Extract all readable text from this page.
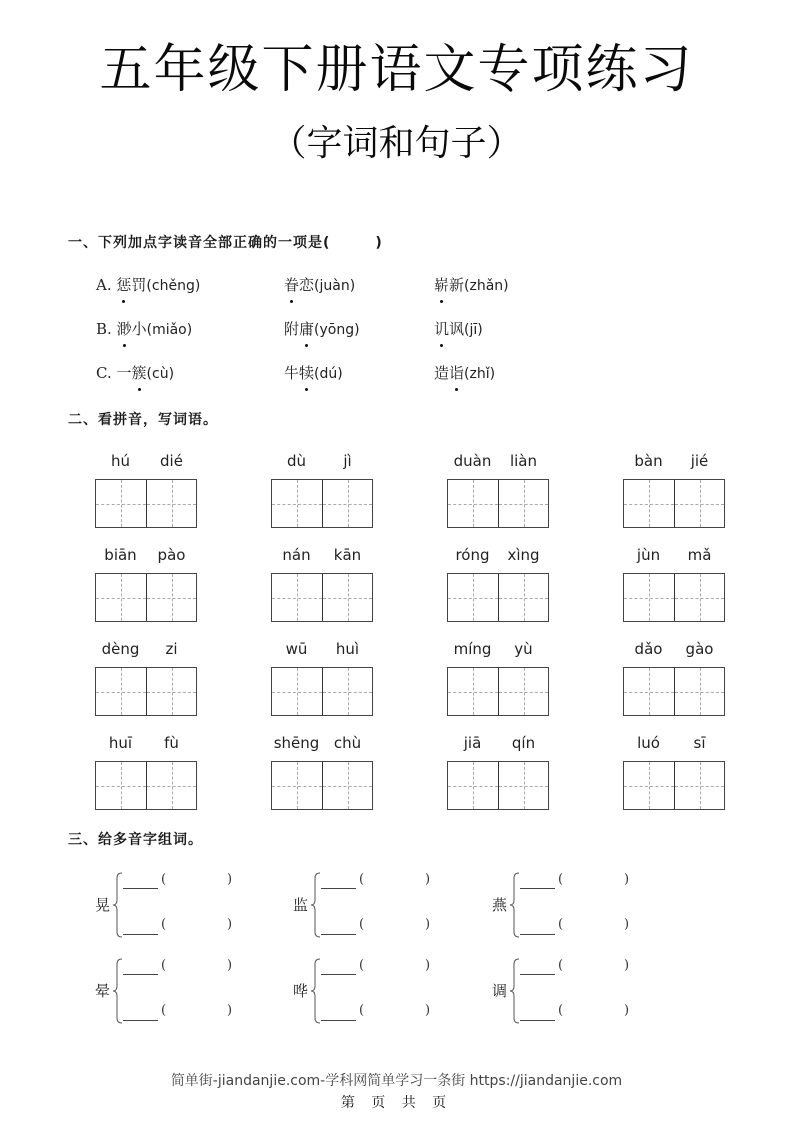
五年级下册语文专项练习
（字词和句子）
一、下列加点字读音全部正确的一项是(　　　)
A. 惩罚(chěng)	眷恋(juàn)	崭新(zhǎn)
B. 渺小(miǎo)	附庸(yōng)	讥讽(jī)
C. 一簇(cù)	牛犊(dú)	造诣(zhǐ)
二、看拼音，写词语。
hú	dié	dù	jì	duàn	liàn	bàn	jié
biān	pào	nán	kān	róng	xìng	jùn	mǎ
dèng	zi	wū	huì	míng	yù	dǎo	gào
huī	fù	shēng chù	jiā	qín	luó	sī
三、给多音字组词。
晃
(	)
(	)
监
(	)
(	)
燕
(	)
(	)
晕
(	)
(	)
哗
(	)
(	)
调
(	)
(	)
简单街-jiandanjie.com-学科网简单学习一条街 https://jiandanjie.com
第 页 共 页
